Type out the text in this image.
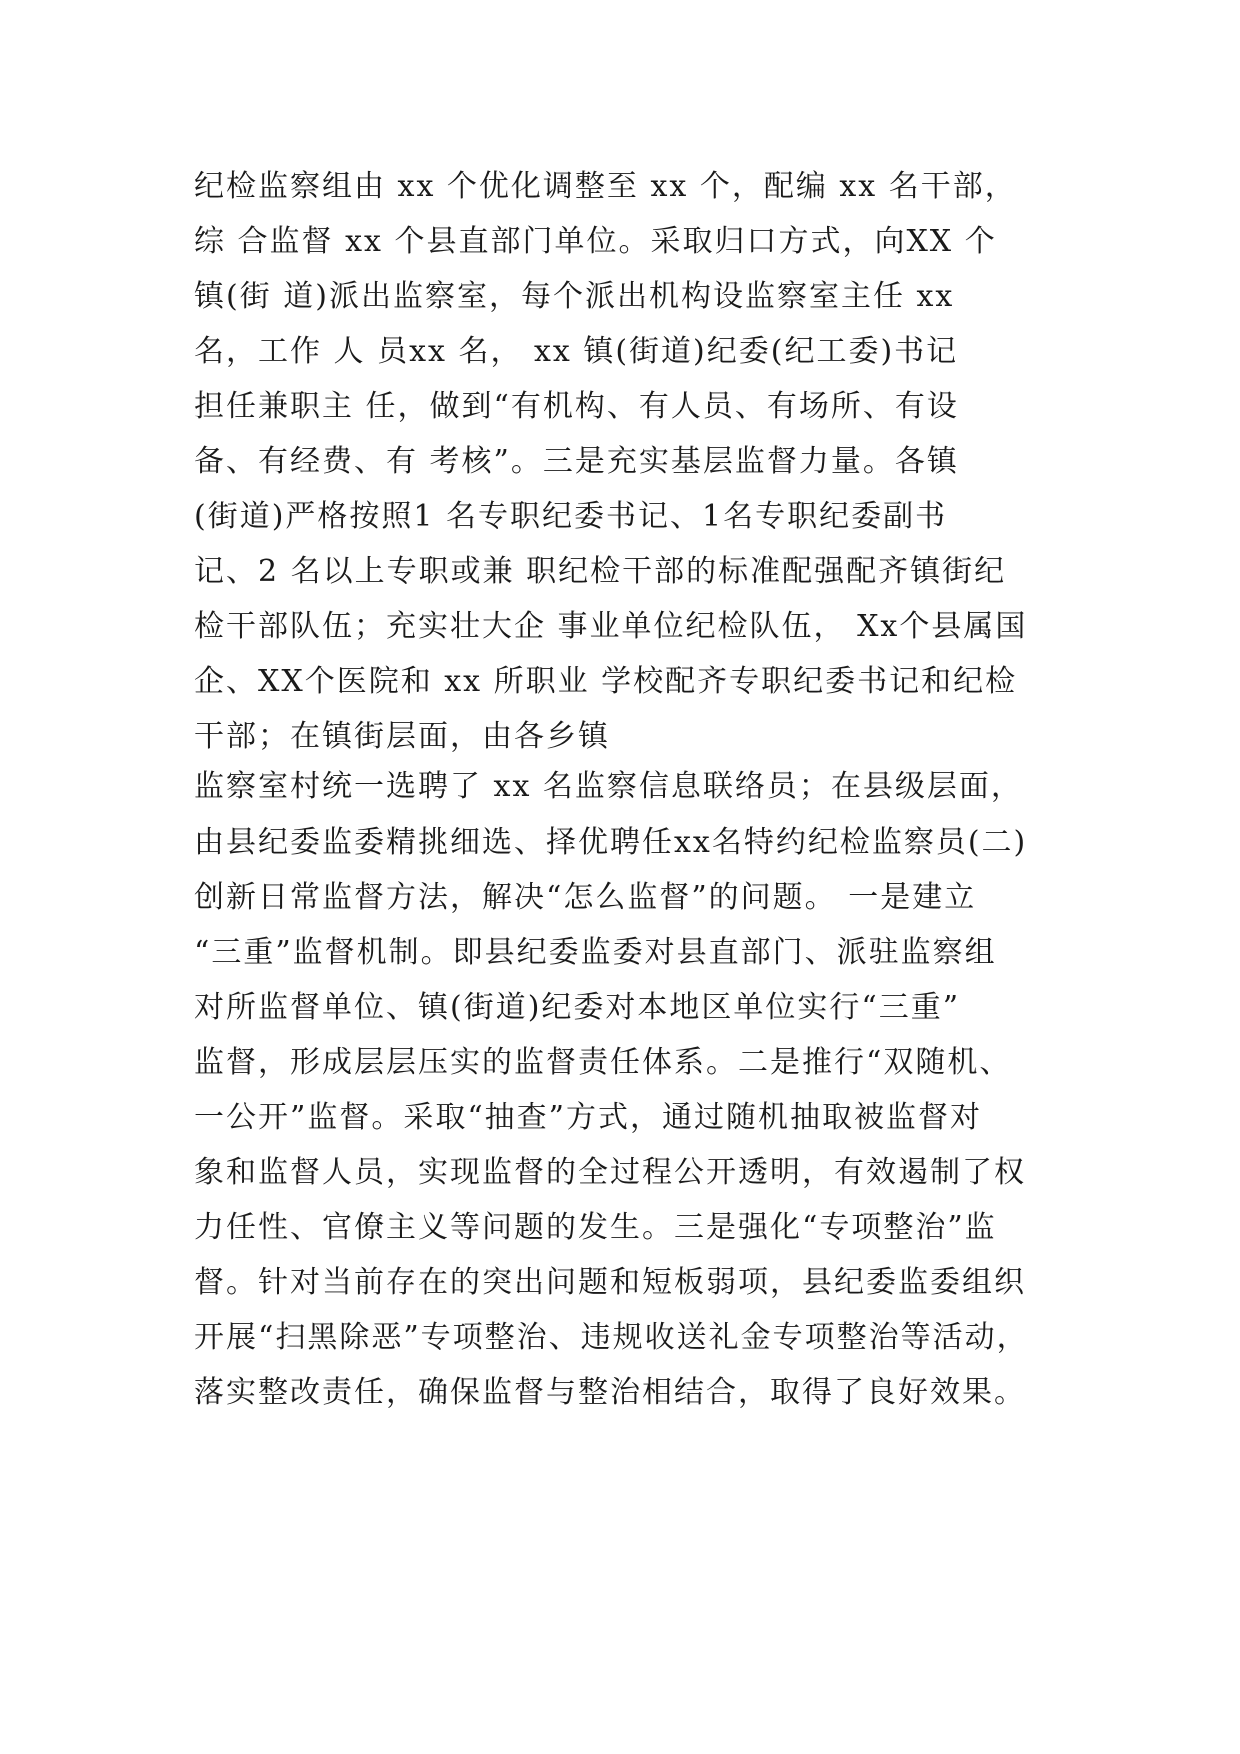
纪检监察组由 xx 个优化调整至 xx 个，配编 xx 名干部，
综 合监督 xx 个县直部门单位。采取归口方式，向XX 个
镇(街 道)派出监察室，每个派出机构设监察室主任 xx
名，工作 人 员xx 名， xx 镇(街道)纪委(纪工委)书记
担任兼职主 任，做到“有机构、有人员、有场所、有设
备、有经费、有 考核”。三是充实基层监督力量。各镇
(街道)严格按照1 名专职纪委书记、1名专职纪委副书
记、2 名以上专职或兼 职纪检干部的标准配强配齐镇街纪
检干部队伍；充实壮大企 事业单位纪检队伍， Xx个县属国
企、XX个医院和 xx 所职业 学校配齐专职纪委书记和纪检
干部；在镇街层面，由各乡镇
监察室村统一选聘了 xx 名监察信息联络员；在县级层面，
由县纪委监委精挑细选、择优聘任xx名特约纪检监察员(二)
创新日常监督方法，解决“怎么监督”的问题。 一是建立
“三重”监督机制。即县纪委监委对县直部门、派驻监察组
对所监督单位、镇(街道)纪委对本地区单位实行“三重”
监督，形成层层压实的监督责任体系。二是推行“双随机、
一公开”监督。采取“抽查”方式，通过随机抽取被监督对
象和监督人员，实现监督的全过程公开透明，有效遏制了权
力任性、官僚主义等问题的发生。三是强化“专项整治”监
督。针对当前存在的突出问题和短板弱项，县纪委监委组织
开展“扫黑除恶”专项整治、违规收送礼金专项整治等活动，
落实整改责任，确保监督与整治相结合，取得了良好效果。
